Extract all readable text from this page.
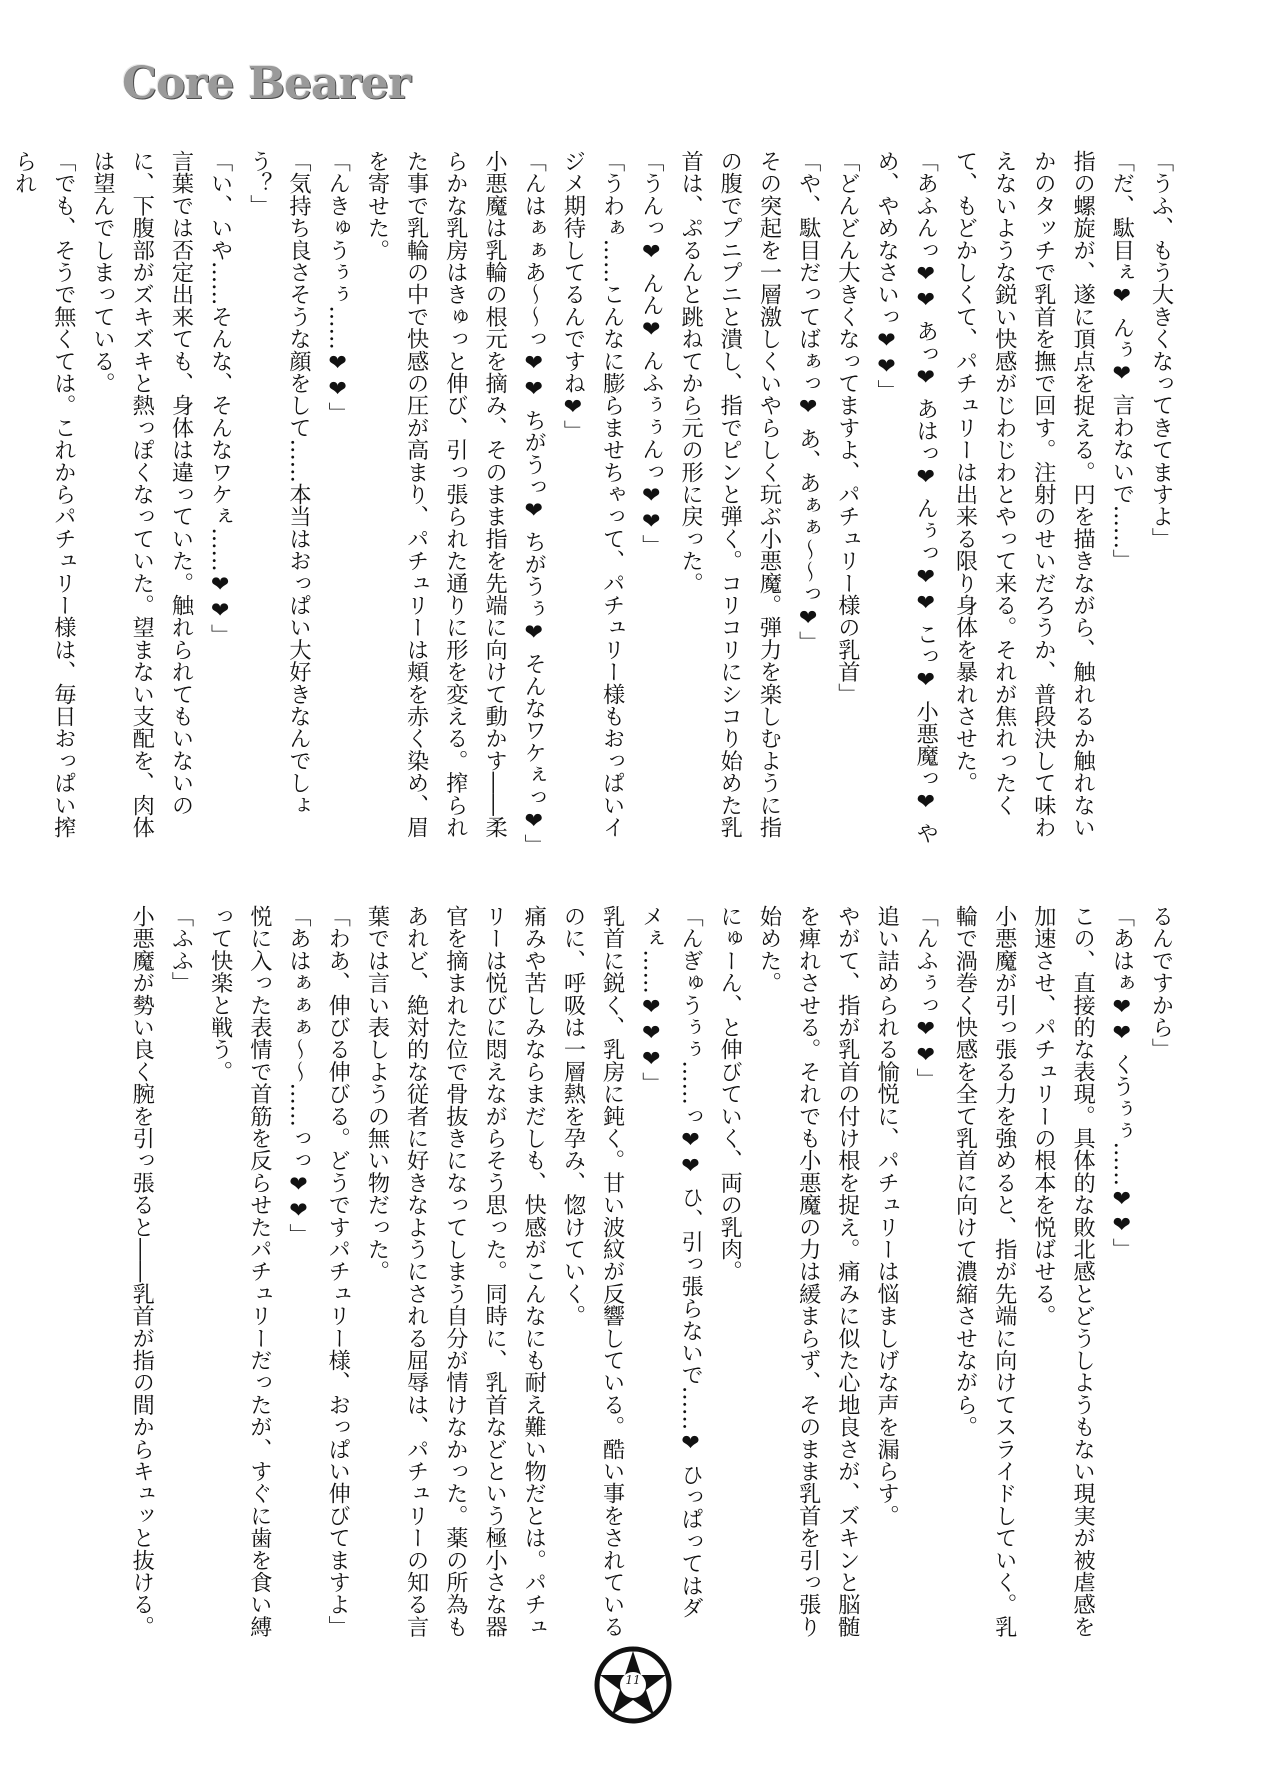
Core Bearer

「うふ、もう大きくなってきてますよ」

「だ、駄目ぇ❤ んぅ❤ 言わないで……」

指の螺旋が、遂に頂点を捉える。円を描きながら、触れるか触れないかのタッチで乳首を撫で回す。注射のせいだろうか、普段決して味わえないような鋭い快感がじわじわとやって来る。それが焦れったくて、もどかしくて、パチュリーは出来る限り身体を暴れさせた。

「あふんっ❤❤ あっ❤ あはっ❤ んぅっ❤❤ こっ❤ 小悪魔っ❤ やめ、やめなさいっ❤❤」

「どんどん大きくなってますよ、パチュリー様の乳首」

「や、駄目だってばぁっ❤ あ、あぁぁ～～っ❤」

その突起を一層激しくいやらしく玩ぶ小悪魔。弾力を楽しむように指の腹でプニプニと潰し、指でピンと弾く。コリコリにシコり始めた乳首は、ぷるんと跳ねてから元の形に戻った。

「うんっ❤ んん❤ んふぅぅんっ❤❤」

「うわぁ……こんなに膨らませちゃって、パチュリー様もおっぱいイジメ期待してるんですね❤」

「んはぁぁあ～～っ❤❤ ちがうっ❤ ちがうぅ❤ そんなワケぇっ❤」

小悪魔は乳輪の根元を摘み、そのまま指を先端に向けて動かす――柔らかな乳房はきゅっと伸び、引っ張られた通りに形を変える。搾られた事で乳輪の中で快感の圧が高まり、パチュリーは頬を赤く染め、眉を寄せた。

「んきゅうぅぅ……❤❤」

「気持ち良さそうな顔をして……本当はおっぱい大好きなんでしょう？」

「い、いや……そんな、そんなワケぇ……❤❤」

言葉では否定出来ても、身体は違っていた。触れられてもいないのに、下腹部がズキズキと熱っぽくなっていた。望まない支配を、肉体は望んでしまっている。

「でも、そうで無くては。これからパチュリー様は、毎日おっぱい搾られ

るんですから」

「あはぁ❤❤ くうぅぅ……❤❤」

この、直接的な表現。具体的な敗北感とどうしようもない現実が被虐感を加速させ、パチュリーの根本を悦ばせる。

小悪魔が引っ張る力を強めると、指が先端に向けてスライドしていく。乳輪で渦巻く快感を全て乳首に向けて濃縮させながら。

「んふぅっ❤❤」

追い詰められる愉悦に、パチュリーは悩ましげな声を漏らす。

やがて、指が乳首の付け根を捉え。痛みに似た心地良さが、ズキンと脳髄を痺れさせる。それでも小悪魔の力は緩まらず、そのまま乳首を引っ張り始めた。

にゅーん、と伸びていく、両の乳肉。

「んぎゅうぅぅ……っ❤❤ ひ、引っ張らないで……❤ ひっぱってはダメぇ……❤❤❤」

乳首に鋭く、乳房に鈍く。甘い波紋が反響している。酷い事をされているのに、呼吸は一層熱を孕み、惚けていく。

痛みや苦しみならまだしも、快感がこんなにも耐え難い物だとは。パチュリーは悦びに悶えながらそう思った。同時に、乳首などという極小さな器官を摘まれた位で骨抜きになってしまう自分が情けなかった。薬の所為もあれど、絶対的な従者に好きなようにされる屈辱は、パチュリーの知る言葉では言い表しようの無い物だった。

「わあ、伸びる伸びる。どうですパチュリー様、おっぱい伸びてますよ」

「あはぁぁぁ～～……っっ❤❤」

悦に入った表情で首筋を反らせたパチュリーだったが、すぐに歯を食い縛って快楽と戦う。

「ふふ」

小悪魔が勢い良く腕を引っ張ると――乳首が指の間からキュッと抜ける。

11
